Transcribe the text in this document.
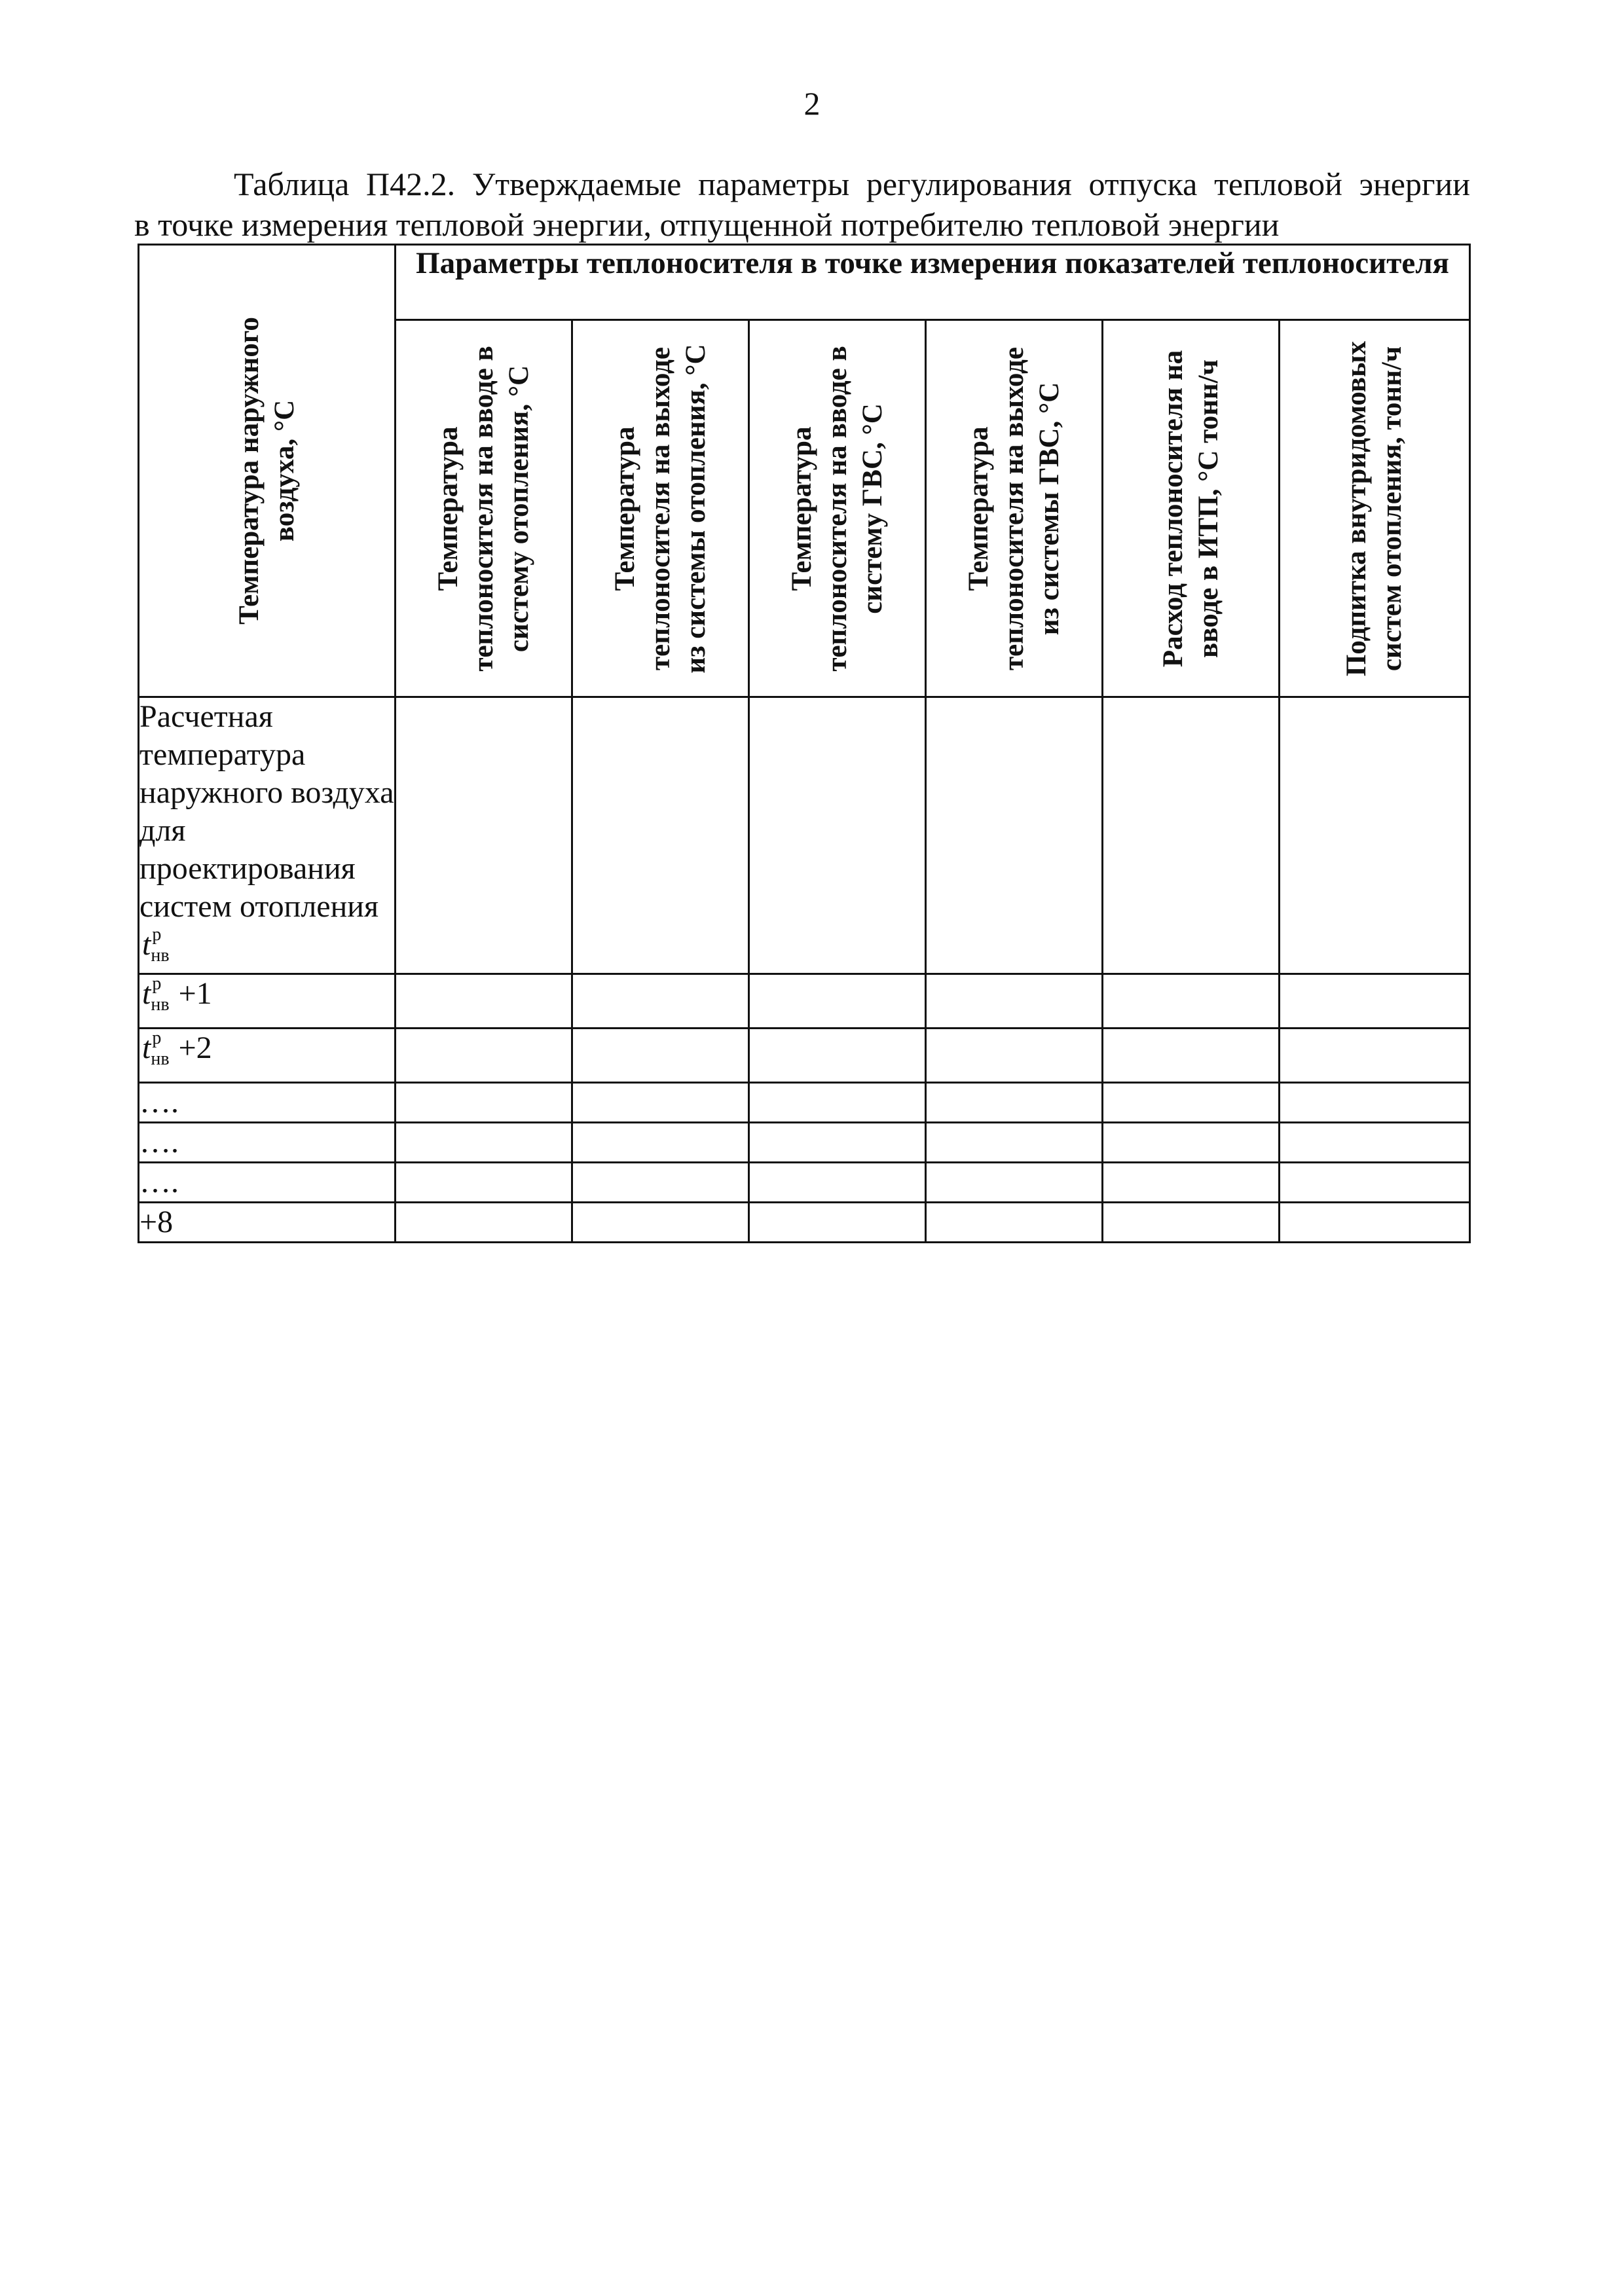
2
Таблица П42.2. Утверждаемые параметры регулирования отпуска тепловой энергии
в точке измерения тепловой энергии, отпущенной потребителю тепловой энергии
Температура наружного воздуха, °С	Параметры теплоносителя в точке измерения показателей теплоносителя					

	Температура теплоносителя на вводе в систему отопления, °С	Температура теплоносителя на выходе из системы отопления, °С	Температура теплоносителя на вводе в систему ГВС, °С	Температура теплоносителя на выходе из системы ГВС, °С	Расход теплоносителя на вводе в ИТП, °С тонн/ч	Подпитка внутридомовых систем отопления, тонн/ч

Расчетная температура наружного воздуха для проектирования систем отопления $t^р_{нв}$						
$t^р_{нв} +1$						
$t^р_{нв} +2$						
….						
….						
….						
+8						
